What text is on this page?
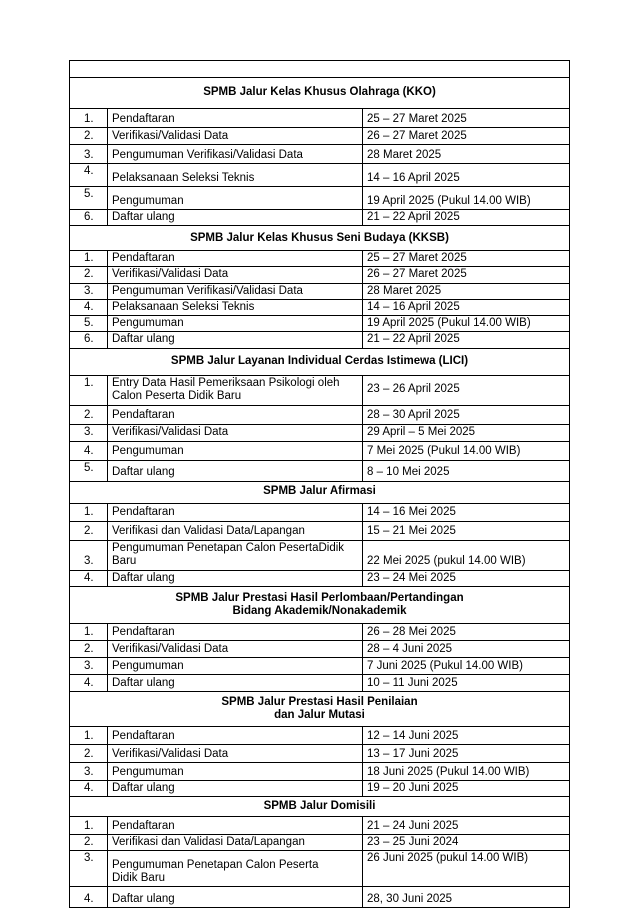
SPMB Jalur Kelas Khusus Olahraga (KKO)		

1.	Pendaftaran	25 – 27 Maret 2025
2.	Verifikasi/Validasi Data	26 – 27 Maret 2025
3.	Pengumuman Verifikasi/Validasi Data	28 Maret 2025
4.	Pelaksanaan Seleksi Teknis	14 – 16 April 2025
5.	Pengumuman	19 April 2025 (Pukul 14.00 WIB)
6.	Daftar ulang	21 – 22 April 2025

SPMB Jalur Kelas Khusus Seni Budaya (KKSB)		

1.	Pendaftaran	25 – 27 Maret 2025
2.	Verifikasi/Validasi Data	26 – 27 Maret 2025
3.	Pengumuman Verifikasi/Validasi Data	28 Maret 2025
4.	Pelaksanaan Seleksi Teknis	14 – 16 April 2025
5.	Pengumuman	19 April 2025 (Pukul 14.00 WIB)
6.	Daftar ulang	21 – 22 April 2025

SPMB Jalur Layanan Individual Cerdas Istimewa (LICI)		

1.	Entry Data Hasil Pemeriksaan Psikologi oleh
Calon Peserta Didik Baru	23 – 26 April 2025
2.	Pendaftaran	28 – 30 April 2025
3.	Verifikasi/Validasi Data	29 April – 5 Mei 2025
4.	Pengumuman	7 Mei 2025 (Pukul 14.00 WIB)
5.	Daftar ulang	8 – 10 Mei 2025

SPMB Jalur Afirmasi		

1.	Pendaftaran	14 – 16 Mei 2025
2.	Verifikasi dan Validasi Data/Lapangan	15 – 21 Mei 2025
3.	Pengumuman Penetapan Calon PesertaDidik
Baru	22 Mei 2025 (pukul 14.00 WIB)
4.	Daftar ulang	23 – 24 Mei 2025

SPMB Jalur Prestasi Hasil Perlombaan/Pertandingan
Bidang Akademik/Nonakademik		

1.	Pendaftaran	26 – 28 Mei 2025
2.	Verifikasi/Validasi Data	28 – 4 Juni 2025
3.	Pengumuman	7 Juni 2025 (Pukul 14.00 WIB)
4.	Daftar ulang	10 – 11 Juni 2025

SPMB Jalur Prestasi Hasil Penilaian
dan Jalur Mutasi		

1.	Pendaftaran	12 – 14 Juni 2025
2.	Verifikasi/Validasi Data	13 – 17 Juni 2025
3.	Pengumuman	18 Juni 2025 (Pukul 14.00 WIB)
4.	Daftar ulang	19 – 20 Juni 2025

SPMB Jalur Domisili		

1.	Pendaftaran	21 – 24 Juni 2025
2.	Verifikasi dan Validasi Data/Lapangan	23 – 25 Juni 2024
3.	Pengumuman Penetapan Calon Peserta
Didik Baru	26 Juni 2025 (pukul 14.00 WIB)
4.	Daftar ulang	28, 30 Juni 2025
